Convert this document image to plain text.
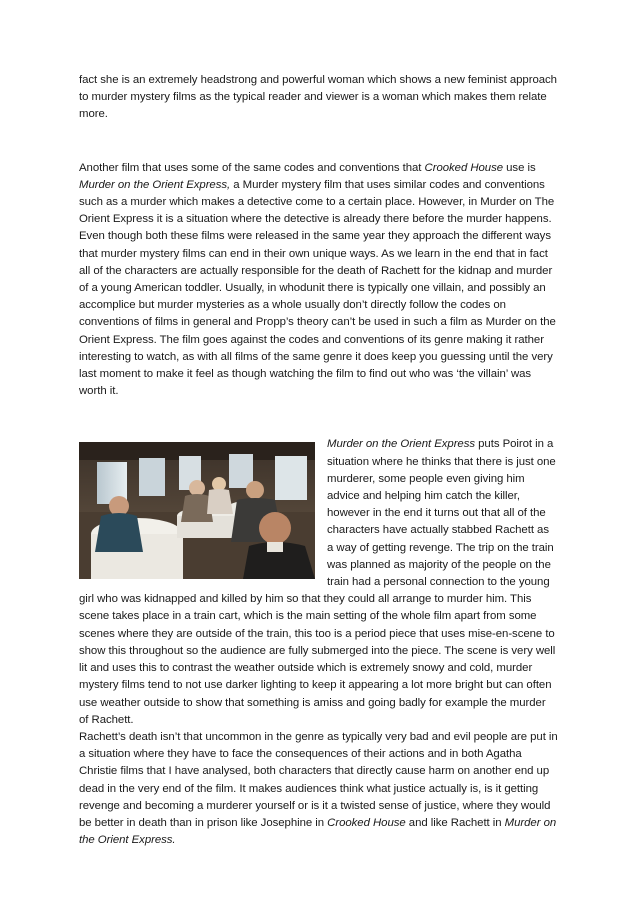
fact she is an extremely headstrong and powerful woman which shows a new feminist approach to murder mystery films as the typical reader and viewer is a woman which makes them relate more.

Another film that uses some of the same codes and conventions that Crooked House use is Murder on the Orient Express, a Murder mystery film that uses similar codes and conventions such as a murder which makes a detective come to a certain place. However, in Murder on The Orient Express it is a situation where the detective is already there before the murder happens. Even though both these films were released in the same year they approach the different ways that murder mystery films can end in their own unique ways. As we learn in the end that in fact all of the characters are actually responsible for the death of Rachett for the kidnap and murder of a young American toddler. Usually, in whodunit there is typically one villain, and possibly an accomplice but murder mysteries as a whole usually don’t directly follow the codes on conventions of films in general and Propp’s theory can’t be used in such a film as Murder on the Orient Express. The film goes against the codes and conventions of its genre making it rather interesting to watch, as with all films of the same genre it does keep you guessing until the very last moment to make it feel as though watching the film to find out who was ‘the villain’ was worth it.

Murder on the Orient Express puts Poirot in a situation where he thinks that there is just one murderer, some people even giving him advice and helping him catch the killer, however in the end it turns out that all of the characters have actually stabbed Rachett as a way of getting revenge. The trip on the train was planned as majority of the people on the train had a personal connection to the young girl who was kidnapped and killed by him so that they could all arrange to murder him. This scene takes place in a train cart, which is the main setting of the whole film apart from some scenes where they are outside of the train, this too is a period piece that uses mise-en-scene to show this throughout so the audience are fully submerged into the piece. The scene is very well lit and uses this to contrast the weather outside which is extremely snowy and cold, murder mystery films tend to not use darker lighting to keep it appearing a lot more bright but can often use weather outside to show that something is amiss and going badly for example the murder of Rachett.

Rachett’s death isn’t that uncommon in the genre as typically very bad and evil people are put in a situation where they have to face the consequences of their actions and in both Agatha Christie films that I have analysed, both characters that directly cause harm on another end up dead in the very end of the film. It makes audiences think what justice actually is, is it getting revenge and becoming a murderer yourself or is it a twisted sense of justice, where they would be better in death than in prison like Josephine in Crooked House and like Rachett in Murder on the Orient Express.
